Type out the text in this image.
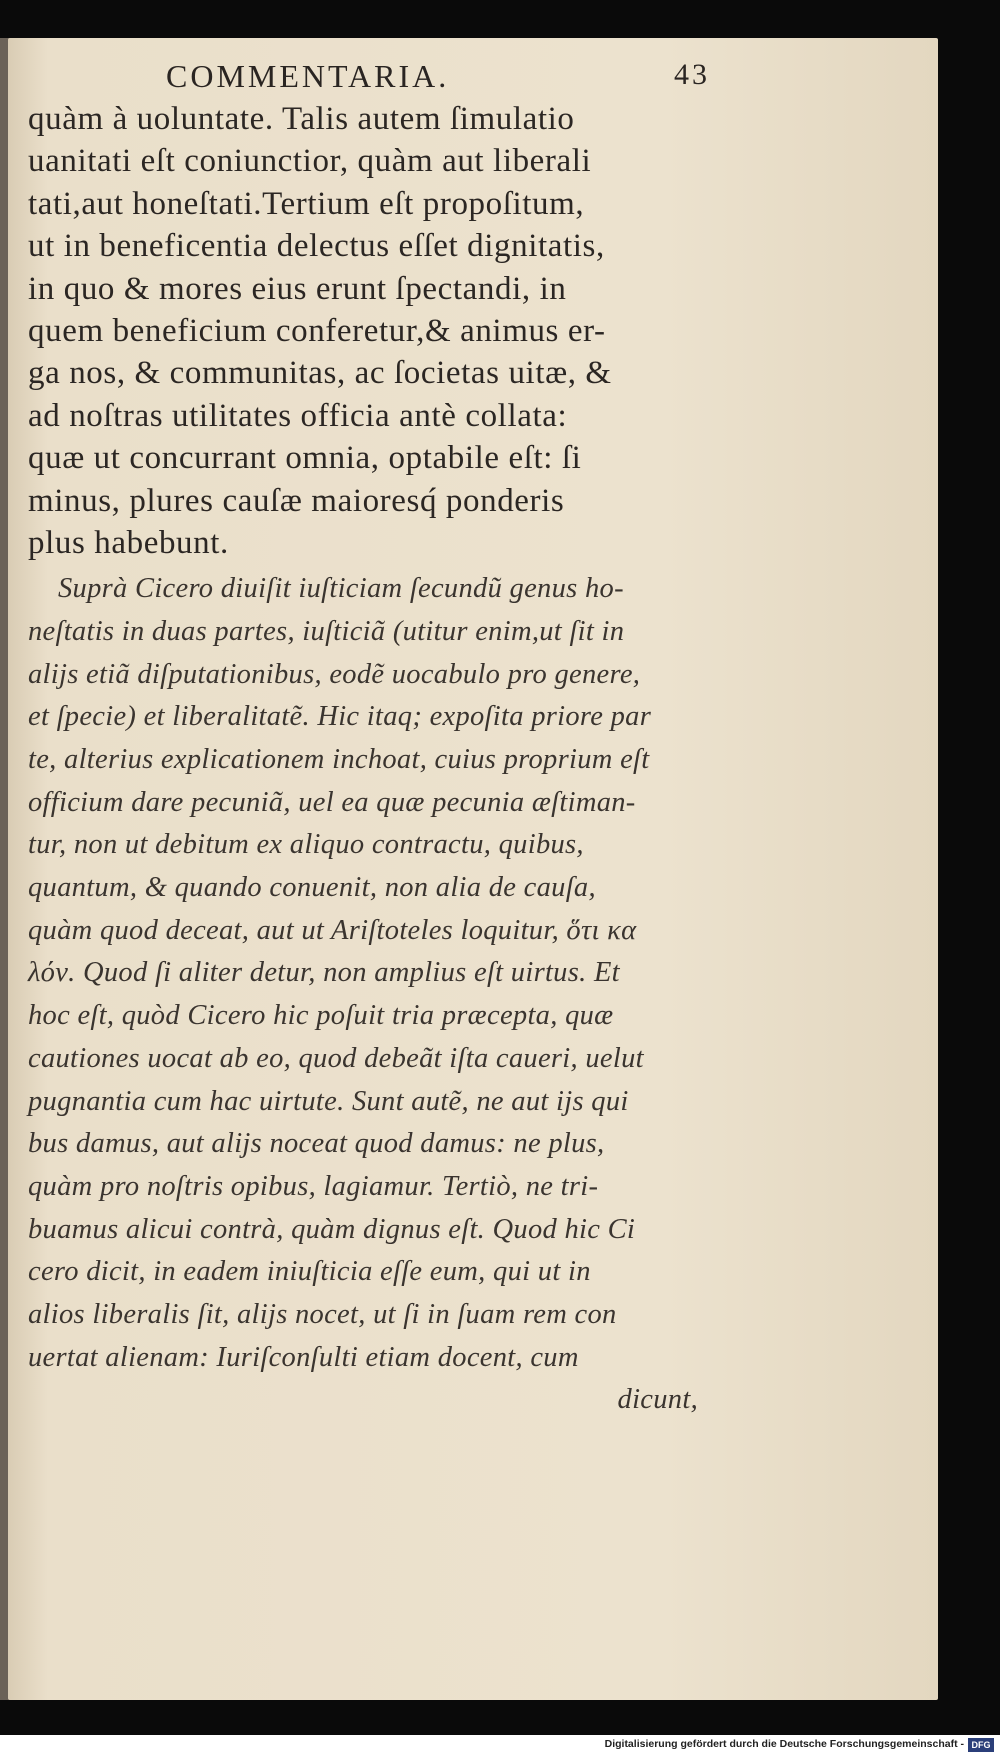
COMMENTARIA.	43
quàm à uoluntate. Talis autem ſimulatio
uanitati eſt coniunctior, quàm aut liberali
tati,aut honeſtati.Tertium eſt propoſitum,
ut in beneficentia delectus eſſet dignitatis,
in quo & mores eius erunt ſpectandi, in
quem beneficium conferetur,& animus er-
ga nos, & communitas, ac ſocietas uitæ, &
ad noſtras utilitates officia antè collata:
quæ ut concurrant omnia, optabile eſt: ſi
minus, plures cauſæ maioresq́ ponderis
plus habebunt.
Suprà Cicero diuiſit iuſticiam ſecundũ genus ho-
neſtatis in duas partes, iuſticiã (utitur enim,ut ſit in
alijs etiã diſputationibus, eodẽ uocabulo pro genere,
et ſpecie) et liberalitatẽ. Hic itaq; expoſita priore par
te, alterius explicationem inchoat, cuius proprium eſt
officium dare pecuniã, uel ea quæ pecunia æſtiman-
tur, non ut debitum ex aliquo contractu, quibus,
quantum, & quando conuenit, non alia de cauſa,
quàm quod deceat, aut ut Ariſtoteles loquitur, ὅτι κα
λόν. Quod ſi aliter detur, non amplius eſt uirtus. Et
hoc eſt, quòd Cicero hic poſuit tria præcepta, quæ
cautiones uocat ab eo, quod debeãt iſta caueri, uelut
pugnantia cum hac uirtute. Sunt autẽ, ne aut ijs qui
bus damus, aut alijs noceat quod damus: ne plus,
quàm pro noſtris opibus, lagiamur. Tertiò, ne tri-
buamus alicui contrà, quàm dignus eſt. Quod hic Ci
cero dicit, in eadem iniuſticia eſſe eum, qui ut in
alios liberalis ſit, alijs nocet, ut ſi in ſuam rem con
uertat alienam: Iuriſconſulti etiam docent, cum
dicunt,
Digitalisierung gefördert durch die Deutsche Forschungsgemeinschaft - DFG
